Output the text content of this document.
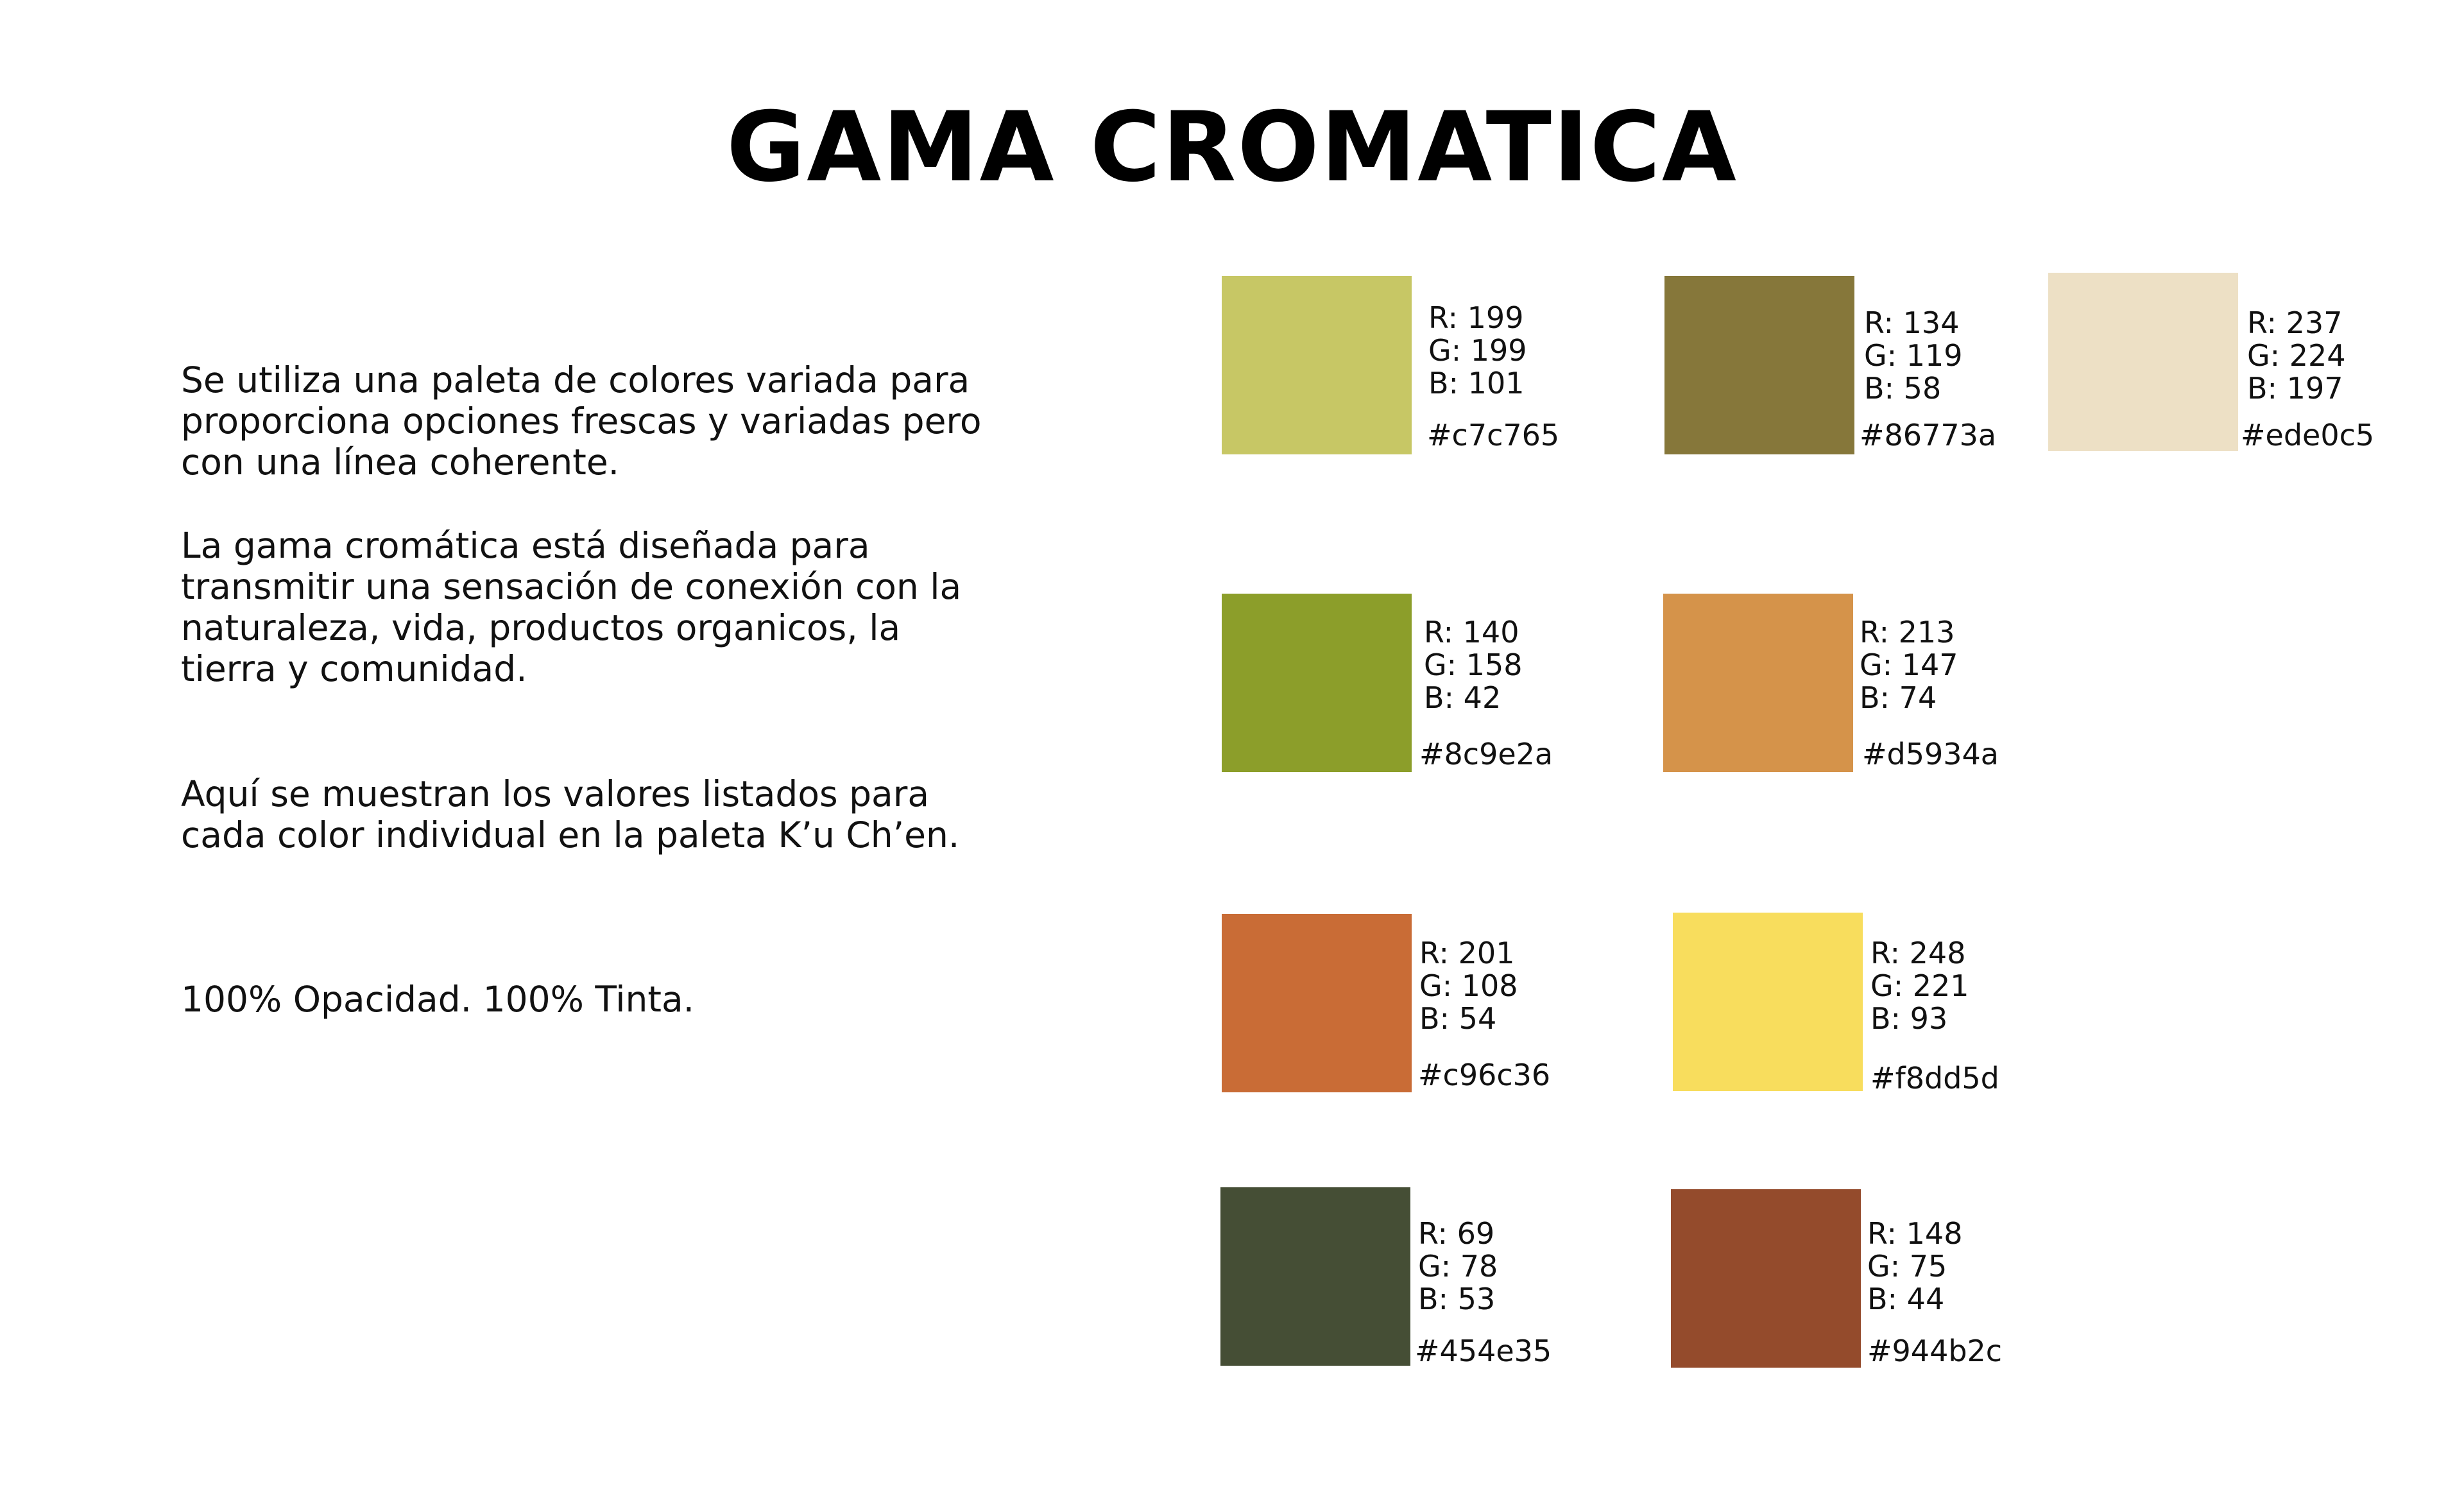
GAMA CROMATICA

Se utiliza una paleta de colores variada para proporciona opciones frescas y variadas pero con una línea coherente.

La gama cromática está diseñada para transmitir una sensación de conexión con la naturaleza, vida, productos organicos, la tierra y comunidad.

Aquí se muestran los valores listados para cada color individual en la paleta K’u Ch’en.

100% Opacidad. 100% Tinta.

R: 199
G: 199
B: 101
#c7c765
R: 134
G: 119
B: 58
#86773a
R: 237
G: 224
B: 197
#ede0c5
R: 140
G: 158
B: 42
#8c9e2a
R: 213
G: 147
B: 74
#d5934a
R: 201
G: 108
B: 54
#c96c36
R: 248
G: 221
B: 93
#f8dd5d
R: 69
G: 78
B: 53
#454e35
R: 148
G: 75
B: 44
#944b2c
